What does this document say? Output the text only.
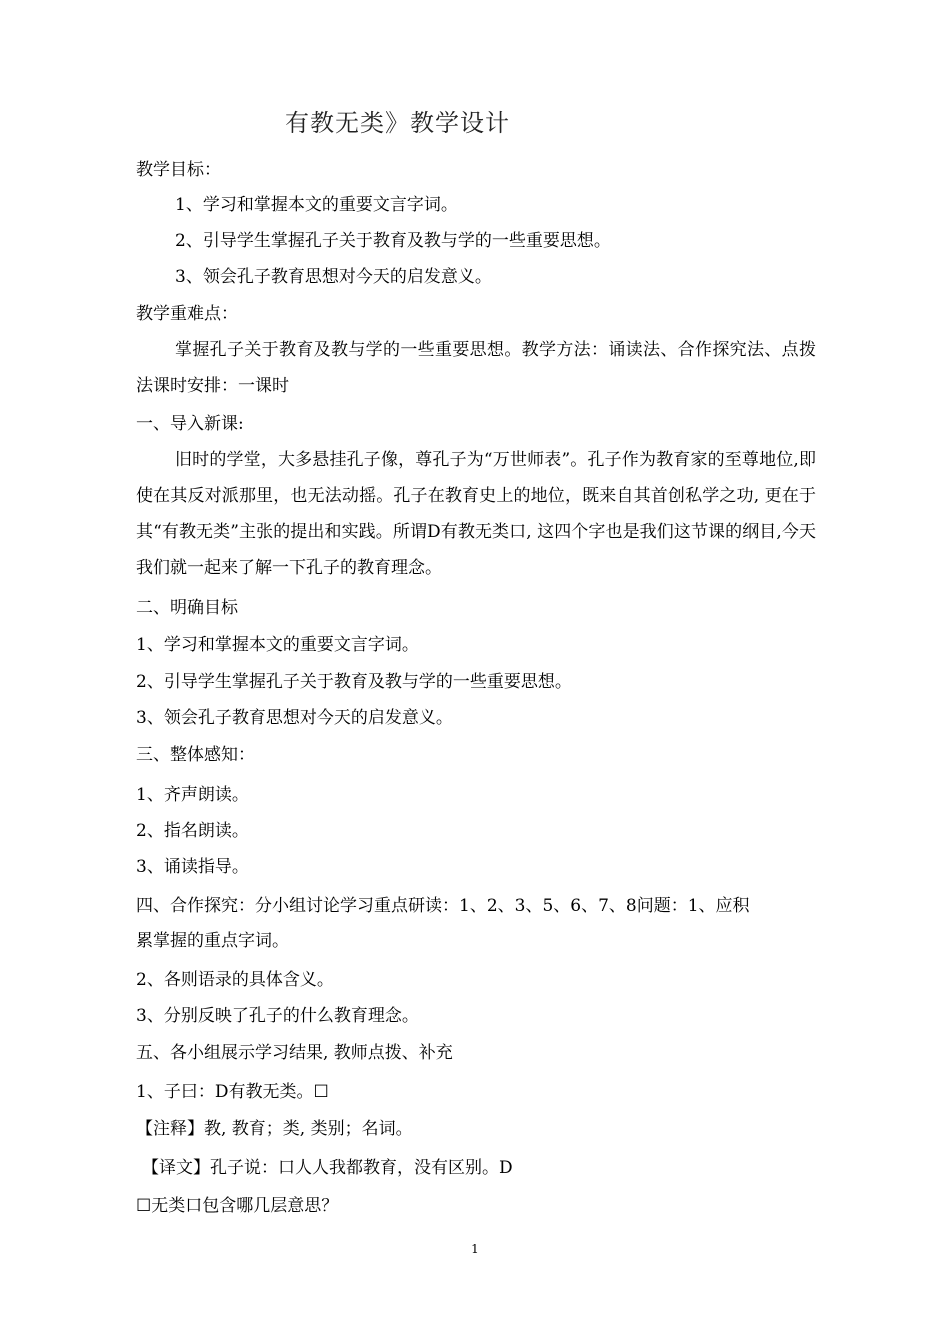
有教无类》教学设计
教学目标：
1、学习和掌握本文的重要文言字词。
2、引导学生掌握孔子关于教育及教与学的一些重要思想。
3、领会孔子教育思想对今天的启发意义。
教学重难点：
掌握孔子关于教育及教与学的一些重要思想。教学方法：诵读法、合作探究法、点拨法课时安排：一课时
一、导入新课:
旧时的学堂，大多悬挂孔子像，尊孔子为“万世师表”。孔子作为教育家的至尊地位,即使在其反对派那里，也无法动摇。孔子在教育史上的地位，既来自其首创私学之功, 更在于其“有教无类”主张的提出和实践。所谓D有教无类口, 这四个字也是我们这节课的纲目,今天我们就一起来了解一下孔子的教育理念。
二、明确目标
1、学习和掌握本文的重要文言字词。
2、引导学生掌握孔子关于教育及教与学的一些重要思想。
3、领会孔子教育思想对今天的启发意义。
三、整体感知：
1、齐声朗读。
2、指名朗读。
3、诵读指导。
四、合作探究：分小组讨论学习重点研读：1、2、3、5、6、7、8问题：1、应积
累掌握的重点字词。
2、各则语录的具体含义。
3、分别反映了孔子的什么教育理念。
五、各小组展示学习结果, 教师点拨、补充
1、子曰：D有教无类。☐
【注释】教, 教育；类, 类别；名词。
【译文】孔子说：口人人我都教育，没有区别。D
☐无类口包含哪几层意思？
1
